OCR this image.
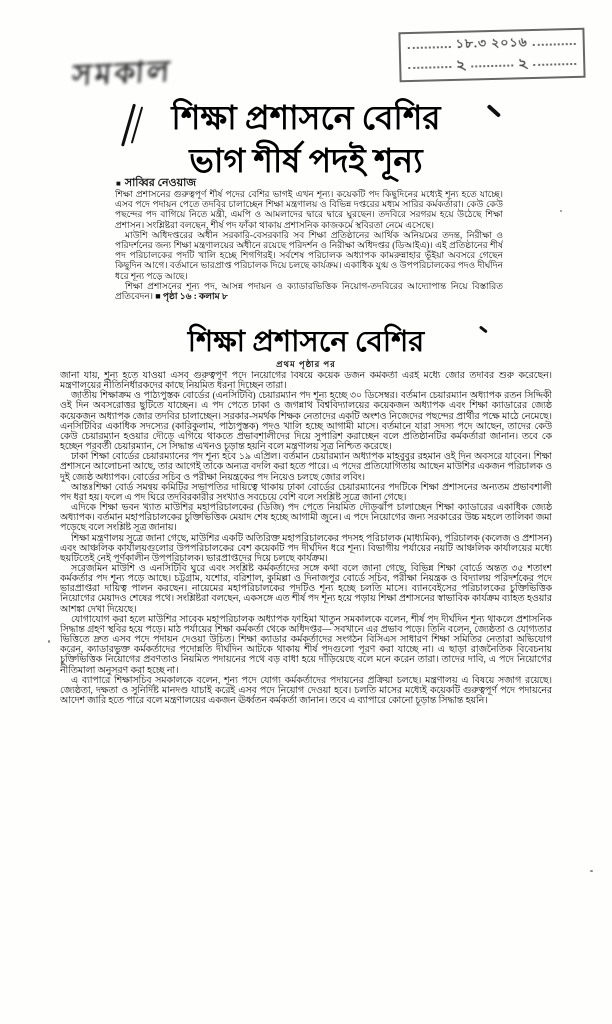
সমকাল
১৮.৩ ২০১৬
২	২
শিক্ষা প্রশাসনে বেশির
ভাগ শীর্ষ পদই শূন্য
■ সাব্বির নেওয়াজ

শিক্ষা প্রশাসনের গুরুত্বপূর্ণ শীর্ষ পদের বেশির ভাগই এখন শূন্য। কয়েকটি পদ কিছুদিনের মধ্যেই শূন্য হতে যাচ্ছে। এসব পদে পদায়ন পেতে তদবির চালাচ্ছেন শিক্ষা মন্ত্রণালয় ও বিভিন্ন দপ্তরের মধ্যম সারির কর্মকর্তারা। কেউ কেউ পছন্দের পদ বাগিয়ে নিতে মন্ত্রী, এমপি ও আমলাদের দ্বারে দ্বারে ঘুরছেন। তদবিরে সরগরম হয়ে উঠেছে শিক্ষা প্রশাসন। সংশ্লিষ্টরা বলছেন, শীর্ষ পদ ফাঁকা থাকায় প্রশাসনিক কাজকর্মে স্থবিরতা নেমে এসেছে।

মাউশি অধিদপ্তরের অধীন সরকারি-বেসরকারি সব শিক্ষা প্রতিষ্ঠানের আর্থিক অনিয়মের তদন্ত, নিরীক্ষা ও পরিদর্শনের জন্য শিক্ষা মন্ত্রণালয়ের অধীনে রয়েছে পরিদর্শন ও নিরীক্ষা অধিদপ্তর (ডিআইএ)। এই প্রতিষ্ঠানের শীর্ষ পদ পরিচালকের পদটি খালি হচ্ছে শিগগিরই। সর্বশেষ পরিচালক অধ্যাপক কামরুন্নাহার ভূঁইয়া অবসরে গেছেন কিছুদিন আগে। বর্তমানে ভারপ্রাপ্ত পরিচালক দিয়ে চলছে কার্যক্রম। একাধিক যুগ্ম ও উপপরিচালকের পদও দীর্ঘদিন ধরে শূন্য পড়ে আছে।

শিক্ষা প্রশাসনের শূন্য পদ, আসন্ন পদায়ন ও ক্যাডারভিত্তিক নিয়োগ-তদবিরের আদ্যোপান্ত নিয়ে বিস্তারিত প্রতিবেদন। ■ পৃষ্ঠা ১৬ : কলাম ৮

শিক্ষা প্রশাসনে বেশির
প্রথম পৃষ্ঠার পর

জানা যায়, শূন্য হতে যাওয়া এসব গুরুত্বপূর্ণ পদে নিয়োগের বিষয়ে কয়েক ডজন কর্মকর্তা এরই মধ্যে জোর তদবির শুরু করেছেন। মন্ত্রণালয়ের নীতিনির্ধারকদের কাছে নিয়মিত ধরনা দিচ্ছেন তারা।

জাতীয় শিক্ষাক্রম ও পাঠ্যপুস্তক বোর্ডের (এনসিটিবি) চেয়ারম্যান পদ শূন্য হচ্ছে ৩০ ডিসেম্বর। বর্তমান চেয়ারম্যান অধ্যাপক রতন সিদ্দিকী ওই দিন অবসরোত্তর ছুটিতে যাচ্ছেন। এ পদ পেতে ঢাকা ও জগন্নাথ বিশ্ববিদ্যালয়ের কয়েকজন অধ্যাপক এবং শিক্ষা ক্যাডারের জ্যেষ্ঠ কয়েকজন অধ্যাপক জোর তদবির চালাচ্ছেন। সরকার-সমর্থক শিক্ষক নেতাদের একটি অংশও নিজেদের পছন্দের প্রার্থীর পক্ষে মাঠে নেমেছে। এনসিটিবির একাধিক সদস্যের (কারিকুলাম, পাঠ্যপুস্তক) পদও খালি হচ্ছে আগামী মাসে। বর্তমানে যারা সদস্য পদে আছেন, তাদের কেউ কেউ চেয়ারম্যান হওয়ার দৌড়ে এগিয়ে থাকতে প্রভাবশালীদের দিয়ে সুপারিশ করাচ্ছেন বলে প্রতিষ্ঠানটির কর্মকর্তারা জানান। তবে কে হচ্ছেন পরবর্তী চেয়ারম্যান, সে সিদ্ধান্ত এখনও চূড়ান্ত হয়নি বলে মন্ত্রণালয় সূত্র নিশ্চিত করেছে।

ঢাকা শিক্ষা বোর্ডের চেয়ারম্যানের পদ শূন্য হবে ১৯ এপ্রিল। বর্তমান চেয়ারম্যান অধ্যাপক মাহবুবুর রহমান ওই দিন অবসরে যাবেন। শিক্ষা প্রশাসনে আলোচনা আছে, তার আগেই তাকে অন্যত্র বদলি করা হতে পারে। এ পদের প্রতিযোগিতায় আছেন মাউশির একজন পরিচালক ও দুই জ্যেষ্ঠ অধ্যাপক। বোর্ডের সচিব ও পরীক্ষা নিয়ন্ত্রকের পদ নিয়েও চলছে জোর লবিং।

আন্তঃশিক্ষা বোর্ড সমন্বয় কমিটির সভাপতির দায়িত্বে থাকায় ঢাকা বোর্ডের চেয়ারম্যানের পদটিকে শিক্ষা প্রশাসনের অন্যতম প্রভাবশালী পদ ধরা হয়। ফলে এ পদ ঘিরে তদবিরকারীর সংখ্যাও সবচেয়ে বেশি বলে সংশ্লিষ্ট সূত্রে জানা গেছে।

এদিকে শিক্ষা ভবন খ্যাত মাউশির মহাপরিচালকের (ডিজি) পদ পেতে নিয়মিত দৌড়ঝাঁপ চালাচ্ছেন শিক্ষা ক্যাডারের একাধিক জ্যেষ্ঠ অধ্যাপক। বর্তমান মহাপরিচালকের চুক্তিভিত্তিক মেয়াদ শেষ হচ্ছে আগামী জুনে। এ পদে নিয়োগের জন্য সরকারের উচ্চ মহলে তালিকা জমা পড়েছে বলে সংশ্লিষ্ট সূত্র জানায়।

শিক্ষা মন্ত্রণালয় সূত্রে জানা গেছে, মাউশির একটি অতিরিক্ত মহাপরিচালকের পদসহ পরিচালক (মাধ্যমিক), পরিচালক (কলেজ ও প্রশাসন) এবং আঞ্চলিক কার্যালয়গুলোর উপপরিচালকের বেশ কয়েকটি পদ দীর্ঘদিন ধরে শূন্য। বিভাগীয় পর্যায়ের নয়টি আঞ্চলিক কার্যালয়ের মধ্যে ছয়টিতেই নেই পূর্ণকালীন উপপরিচালক। ভারপ্রাপ্তদের দিয়ে চলছে কার্যক্রম।

সরেজমিন মাউশি ও এনসিটিবি ঘুরে এবং সংশ্লিষ্ট কর্মকর্তাদের সঙ্গে কথা বলে জানা গেছে, বিভিন্ন শিক্ষা বোর্ডে অন্তত ৩৫ শতাংশ কর্মকর্তার পদ শূন্য পড়ে আছে। চট্টগ্রাম, যশোর, বরিশাল, কুমিল্লা ও দিনাজপুর বোর্ডে সচিব, পরীক্ষা নিয়ন্ত্রক ও বিদ্যালয় পরিদর্শকের পদে ভারপ্রাপ্তরা দায়িত্ব পালন করছেন। নায়েমের মহাপরিচালকের পদটিও শূন্য হচ্ছে চলতি মাসে। ব্যানবেইসের পরিচালকের চুক্তিভিত্তিক নিয়োগের মেয়াদও শেষের পথে। সংশ্লিষ্টরা বলছেন, একসঙ্গে এত শীর্ষ পদ শূন্য হয়ে পড়ায় শিক্ষা প্রশাসনের স্বাভাবিক কার্যক্রম ব্যাহত হওয়ার আশঙ্কা দেখা দিয়েছে।

যোগাযোগ করা হলে মাউশির সাবেক মহাপরিচালক অধ্যাপক ফাহিমা খাতুন সমকালকে বলেন, শীর্ষ পদ দীর্ঘদিন শূন্য থাকলে প্রশাসনিক সিদ্ধান্ত গ্রহণ স্থবির হয়ে পড়ে। মাঠ পর্যায়ের শিক্ষা কর্মকর্তা থেকে অধিদপ্তর— সবখানে এর প্রভাব পড়ে। তিনি বলেন, জ্যেষ্ঠতা ও যোগ্যতার ভিত্তিতে দ্রুত এসব পদে পদায়ন দেওয়া উচিত। শিক্ষা ক্যাডার কর্মকর্তাদের সংগঠন বিসিএস সাধারণ শিক্ষা সমিতির নেতারা অভিযোগ করেন, ক্যাডারভুক্ত কর্মকর্তাদের পদোন্নতি দীর্ঘদিন আটকে থাকায় শীর্ষ পদগুলো পূরণ করা যাচ্ছে না। এ ছাড়া রাজনৈতিক বিবেচনায় চুক্তিভিত্তিক নিয়োগের প্রবণতাও নিয়মিত পদায়নের পথে বড় বাধা হয়ে দাঁড়িয়েছে বলে মনে করেন তারা। তাদের দাবি, এ পদে নিয়োগের নীতিমালা অনুসরণ করা হচ্ছে না।

এ ব্যাপারে শিক্ষাসচিব সমকালকে বলেন, শূন্য পদে যোগ্য কর্মকর্তাদের পদায়নের প্রক্রিয়া চলছে। মন্ত্রণালয় এ বিষয়ে সজাগ রয়েছে। জ্যেষ্ঠতা, দক্ষতা ও সুনির্দিষ্ট মানদণ্ড যাচাই করেই এসব পদে নিয়োগ দেওয়া হবে। চলতি মাসের মধ্যেই কয়েকটি গুরুত্বপূর্ণ পদে পদায়নের আদেশ জারি হতে পারে বলে মন্ত্রণালয়ের একজন ঊর্ধ্বতন কর্মকর্তা জানান। তবে এ ব্যাপারে কোনো চূড়ান্ত সিদ্ধান্ত হয়নি।
